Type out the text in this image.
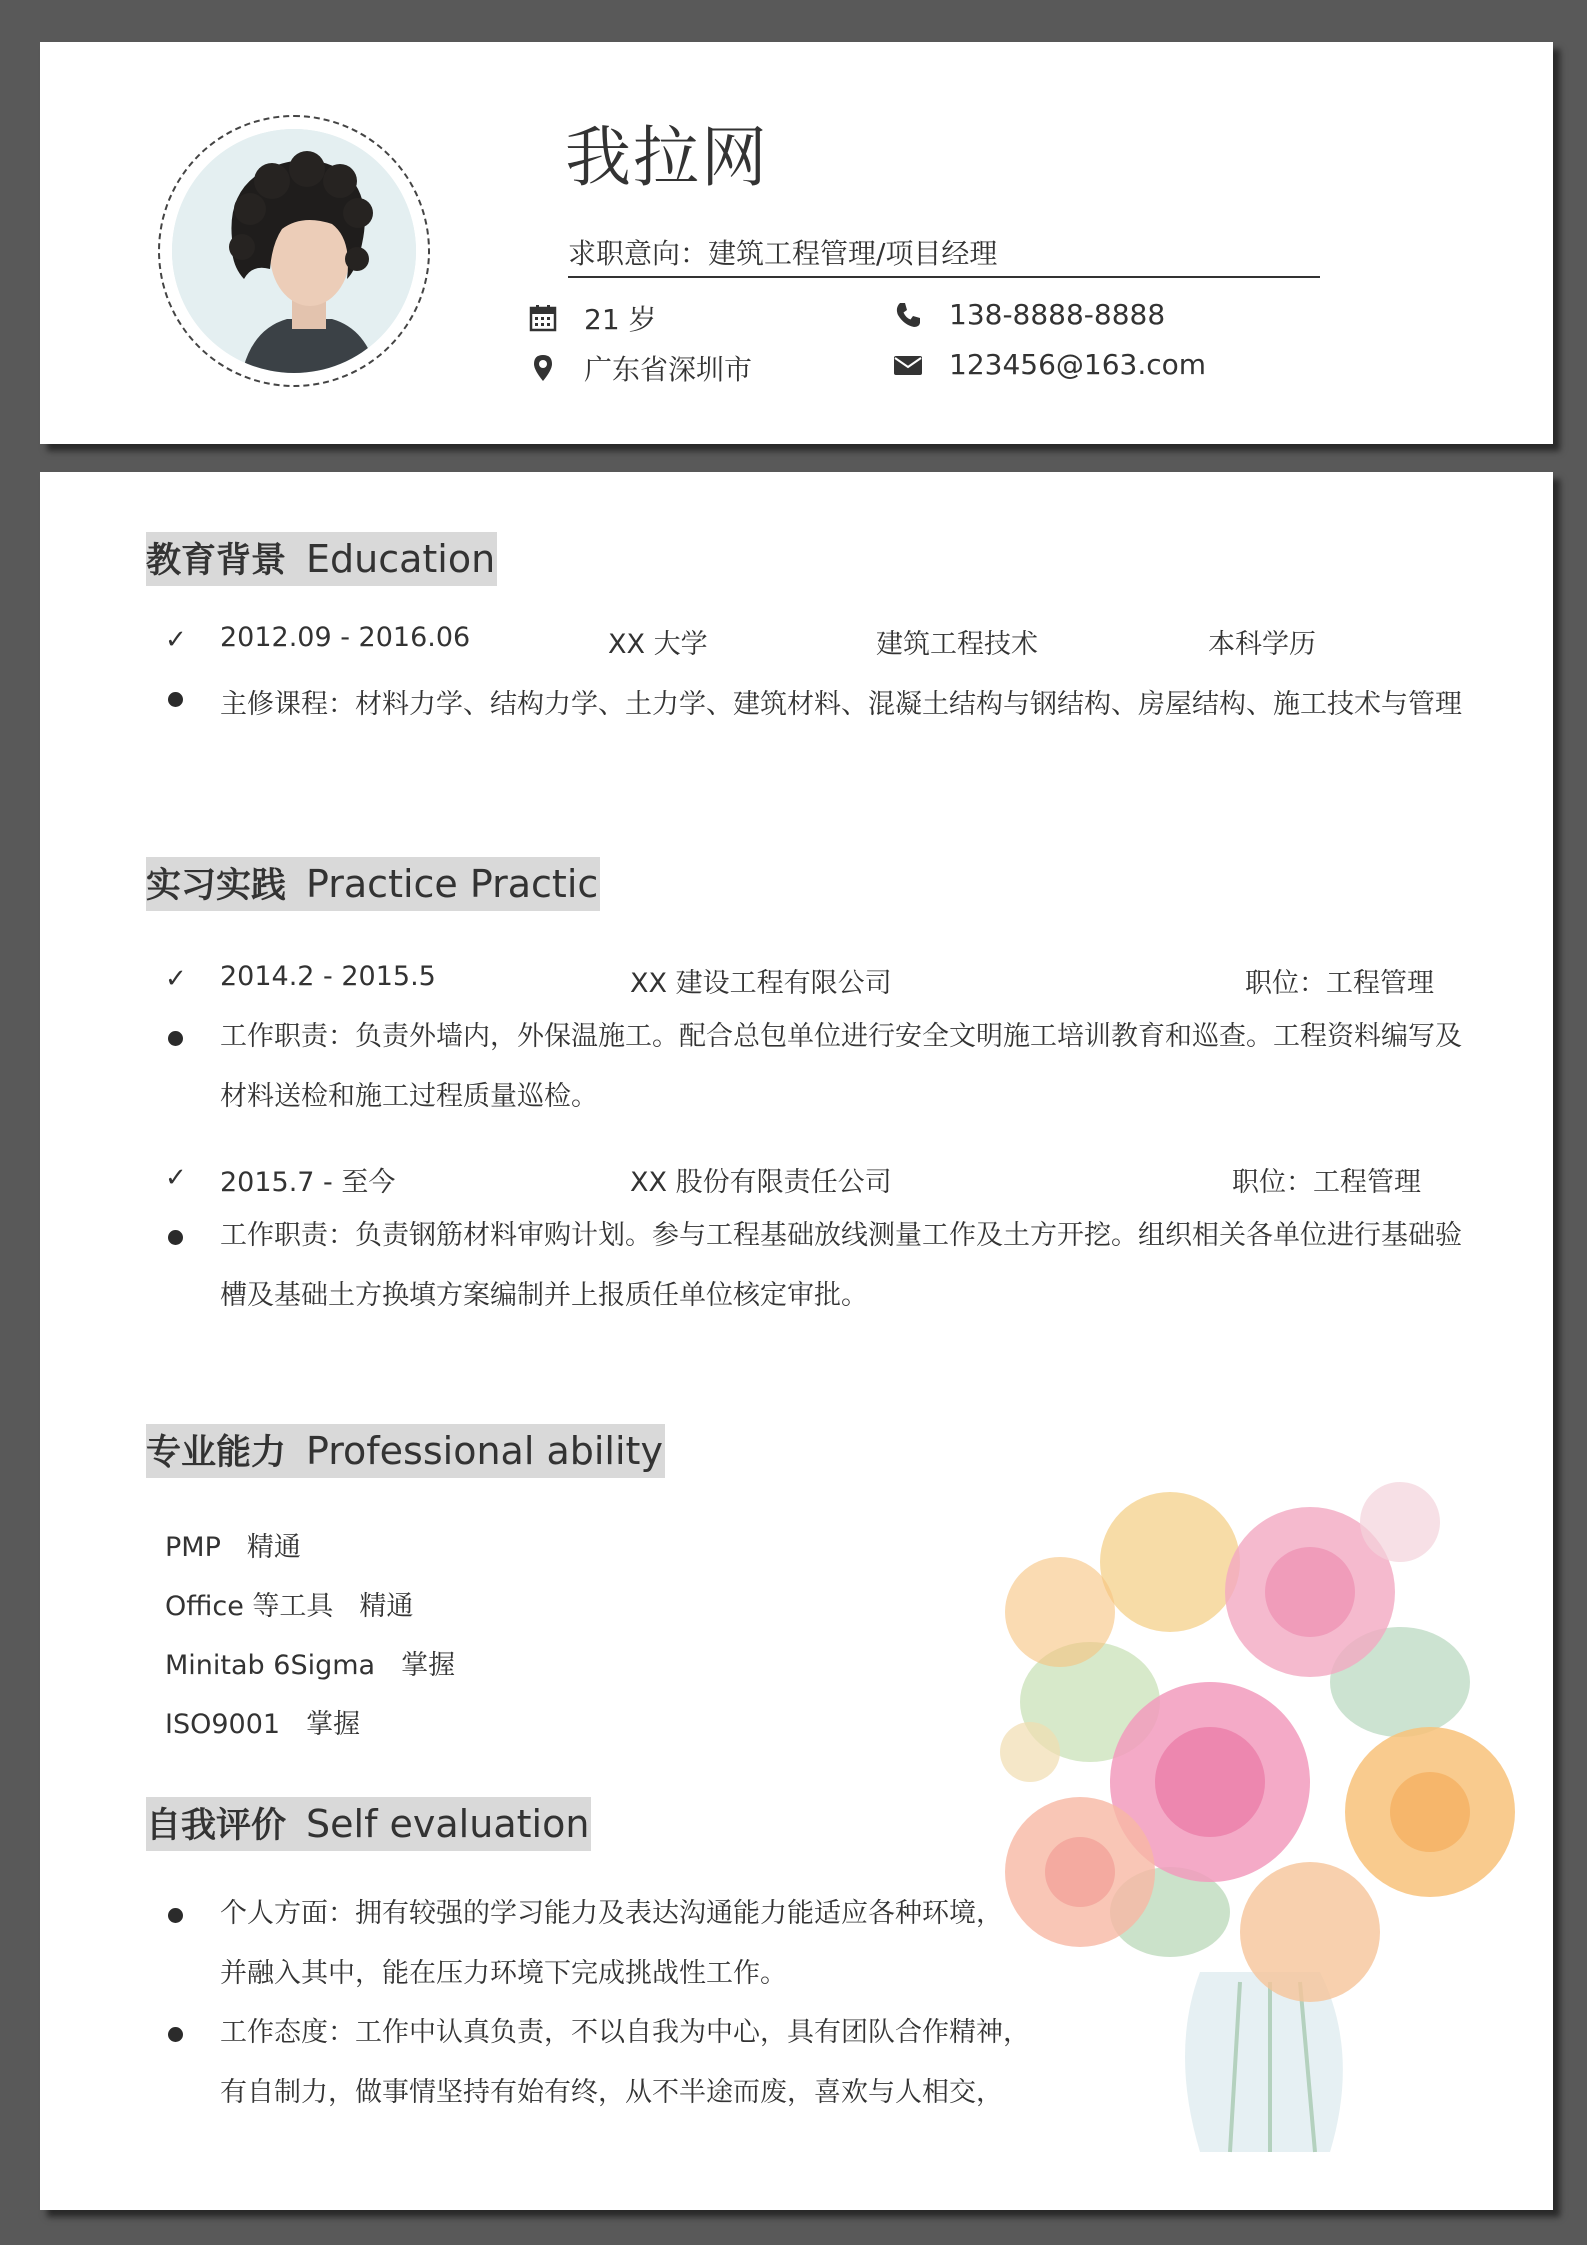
我拉网
求职意向：建筑工程管理/项目经理
21 岁	138-8888-8888
广东省深圳市	123456@163.com
教育背景 Education
✓ 2012.09 - 2016.06	XX 大学	建筑工程技术	本科学历
主修课程：材料力学、结构力学、土力学、建筑材料、混凝土结构与钢结构、房屋结构、施工技术与管理
实习实践 Practice Practic
✓ 2014.2 - 2015.5	XX 建设工程有限公司	职位：工程管理
工作职责：负责外墙内，外保温施工。配合总包单位进行安全文明施工培训教育和巡查。工程资料编写及
材料送检和施工过程质量巡检。
✓ 2015.7 - 至今	XX 股份有限责任公司	职位：工程管理
工作职责：负责钢筋材料审购计划。参与工程基础放线测量工作及土方开挖。组织相关各单位进行基础验
槽及基础土方换填方案编制并上报质任单位核定审批。
专业能力 Professional ability
PMP 精通
Office 等工具 精通
Minitab 6Sigma 掌握
ISO9001 掌握
自我评价 Self evaluation
个人方面：拥有较强的学习能力及表达沟通能力能适应各种环境，
并融入其中，能在压力环境下完成挑战性工作。
工作态度：工作中认真负责，不以自我为中心，具有团队合作精神，
有自制力，做事情坚持有始有终，从不半途而废，喜欢与人相交，
